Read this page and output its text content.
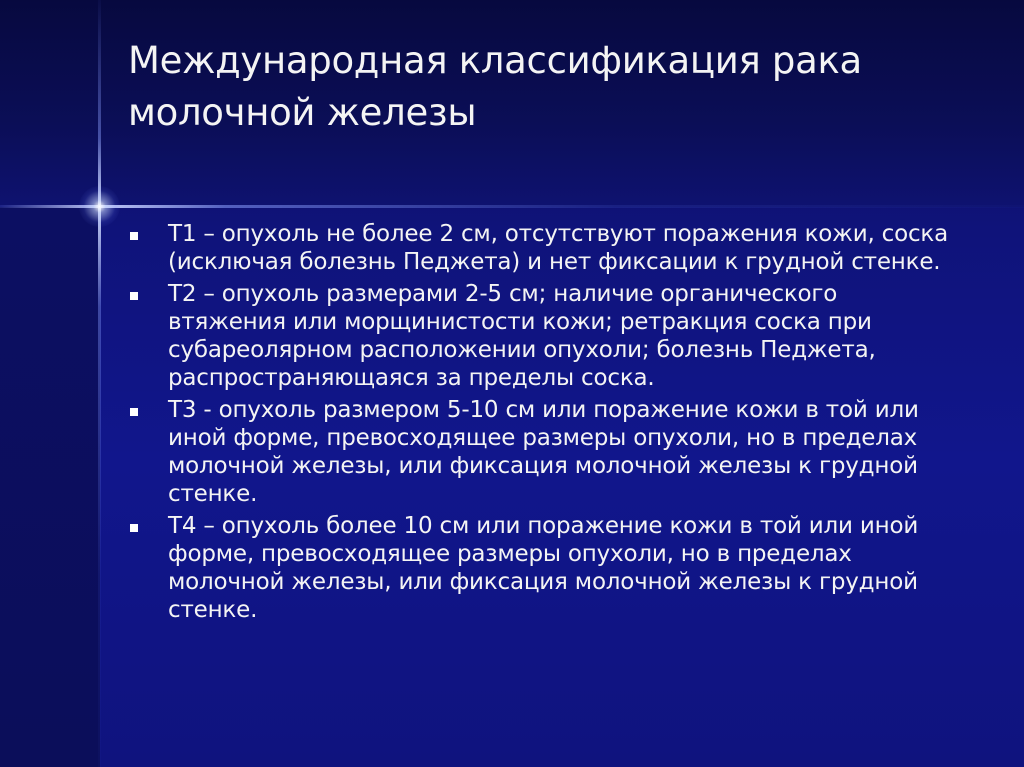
Международная классификация рака
молочной железы
Т1 – опухоль не более 2 см, отсутствуют поражения кожи, соска (исключая болезнь Педжета) и нет фиксации к грудной стенке.
Т2 – опухоль размерами 2-5 см; наличие органического втяжения или морщинистости кожи; ретракция соска при субареолярном расположении опухоли; болезнь Педжета, распространяющаяся за пределы соска.
Т3 - опухоль размером 5-10 см или поражение кожи в той или иной форме, превосходящее размеры опухоли, но в пределах молочной железы, или фиксация молочной железы к грудной стенке.
Т4 – опухоль более 10 см или поражение кожи в той или иной форме, превосходящее размеры опухоли, но в пределах молочной железы, или фиксация молочной железы к грудной стенке.
